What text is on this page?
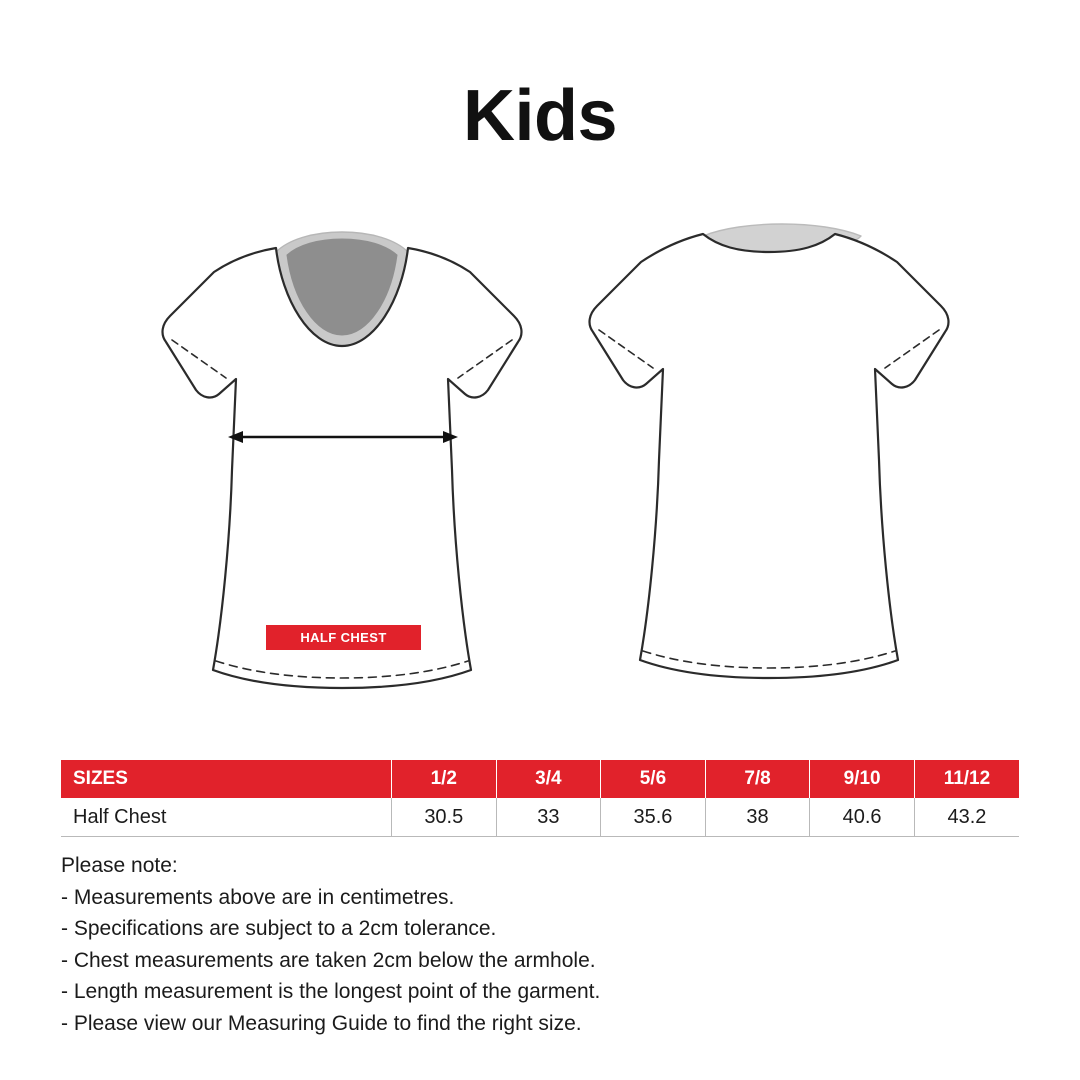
Kids
HALF CHEST
SIZES	1/2	3/4	5/6	7/8	9/10	11/12
Half Chest	30.5	33	35.6	38	40.6	43.2
Please note:
- Measurements above are in centimetres.
- Specifications are subject to a 2cm tolerance.
- Chest measurements are taken 2cm below the armhole.
- Length measurement is the longest point of the garment.
- Please view our Measuring Guide to find the right size.
